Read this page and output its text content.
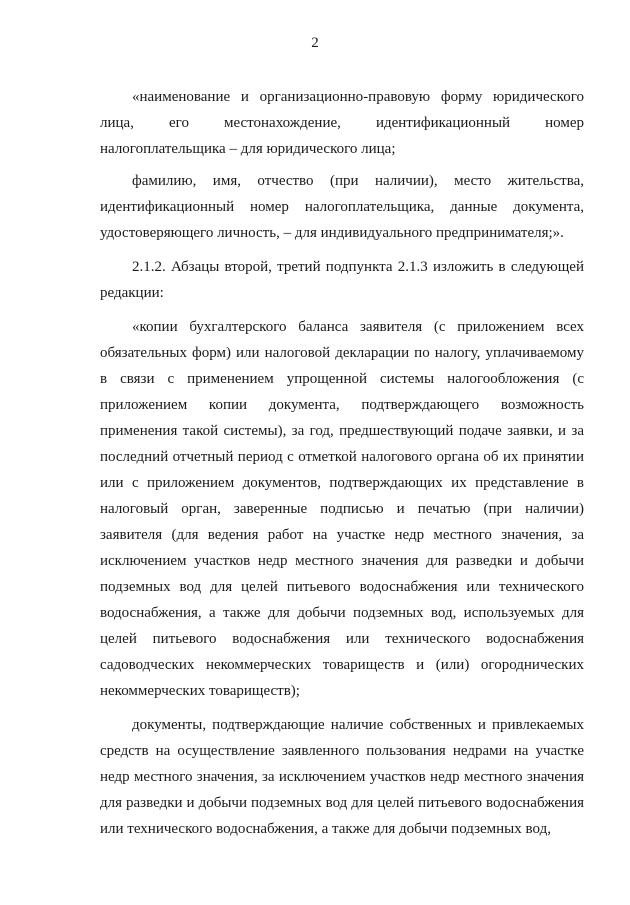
2

«наименование и организационно-правовую форму юридического лица, его местонахождение, идентификационный номер налогоплательщика – для юридического лица;

фамилию, имя, отчество (при наличии), место жительства, идентификационный номер налогоплательщика, данные документа, удостоверяющего личность, – для индивидуального предпринимателя;».

2.1.2. Абзацы второй, третий подпункта 2.1.3 изложить в следующей редакции:

«копии бухгалтерского баланса заявителя (с приложением всех обязательных форм) или налоговой декларации по налогу, уплачиваемому в связи с применением упрощенной системы налогообложения (с приложением копии документа, подтверждающего возможность применения такой системы), за год, предшествующий подаче заявки, и за последний отчетный период с отметкой налогового органа об их принятии или с приложением документов, подтверждающих их представление в налоговый орган, заверенные подписью и печатью (при наличии) заявителя (для ведения работ на участке недр местного значения, за исключением участков недр местного значения для разведки и добычи подземных вод для целей питьевого водоснабжения или технического водоснабжения, а также для добычи подземных вод, используемых для целей питьевого водоснабжения или технического водоснабжения садоводческих некоммерческих товариществ и (или) огороднических некоммерческих товариществ);

документы, подтверждающие наличие собственных и привлекаемых средств на осуществление заявленного пользования недрами на участке недр местного значения, за исключением участков недр местного значения для разведки и добычи подземных вод для целей питьевого водоснабжения или технического водоснабжения, а также для добычи подземных вод,
